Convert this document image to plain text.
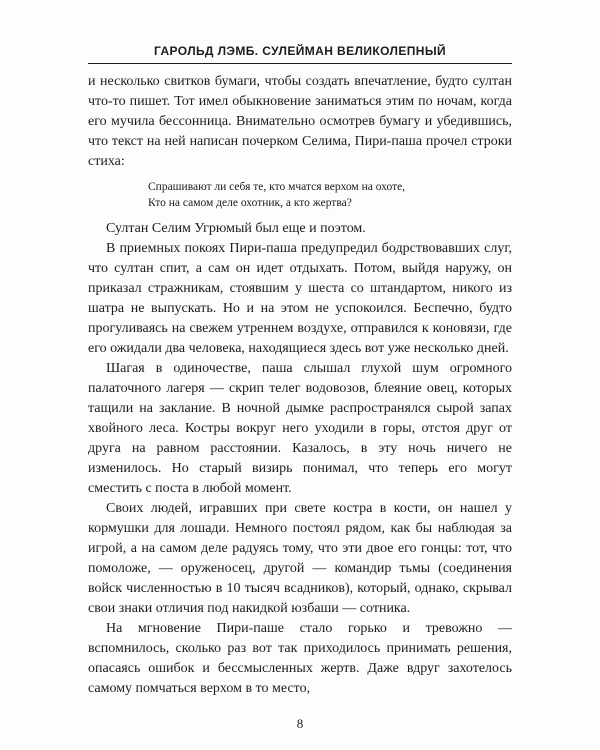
ГАРОЛЬД ЛЭМБ. СУЛЕЙМАН ВЕЛИКОЛЕПНЫЙ

и несколько свитков бумаги, чтобы создать впечатление, будто султан что-то пишет. Тот имел обыкновение заниматься этим по ночам, когда его мучила бессонница. Внимательно осмотрев бумагу и убедившись, что текст на ней написан почерком Селима, Пири-паша прочел строки стиха:

Спрашивают ли себя те, кто мчатся верхом на охоте,
Кто на самом деле охотник, а кто жертва?

Султан Селим Угрюмый был еще и поэтом.

В приемных покоях Пири-паша предупредил бодрствовавших слуг, что султан спит, а сам он идет отдыхать. Потом, выйдя наружу, он приказал стражникам, стоявшим у шеста со штандартом, никого из шатра не выпускать. Но и на этом не успокоился. Беспечно, будто прогуливаясь на свежем утреннем воздухе, отправился к коновязи, где его ожидали два человека, находящиеся здесь вот уже несколько дней.

Шагая в одиночестве, паша слышал глухой шум огромного палаточного лагеря — скрип телег водовозов, блеяние овец, которых тащили на заклание. В ночной дымке распространялся сырой запах хвойного леса. Костры вокруг него уходили в горы, отстоя друг от друга на равном расстоянии. Казалось, в эту ночь ничего не изменилось. Но старый визирь понимал, что теперь его могут сместить с поста в любой момент.

Своих людей, игравших при свете костра в кости, он нашел у кормушки для лошади. Немного постоял рядом, как бы наблюдая за игрой, а на самом деле радуясь тому, что эти двое его гонцы: тот, что помоложе, — оруженосец, другой — командир тьмы (соединения войск численностью в 10 тысяч всадников), который, однако, скрывал свои знаки отличия под накидкой юзбаши — сотника.

На мгновение Пири-паше стало горько и тревожно — вспомнилось, сколько раз вот так приходилось принимать решения, опасаясь ошибок и бессмысленных жертв. Даже вдруг захотелось самому помчаться верхом в то место,

8
